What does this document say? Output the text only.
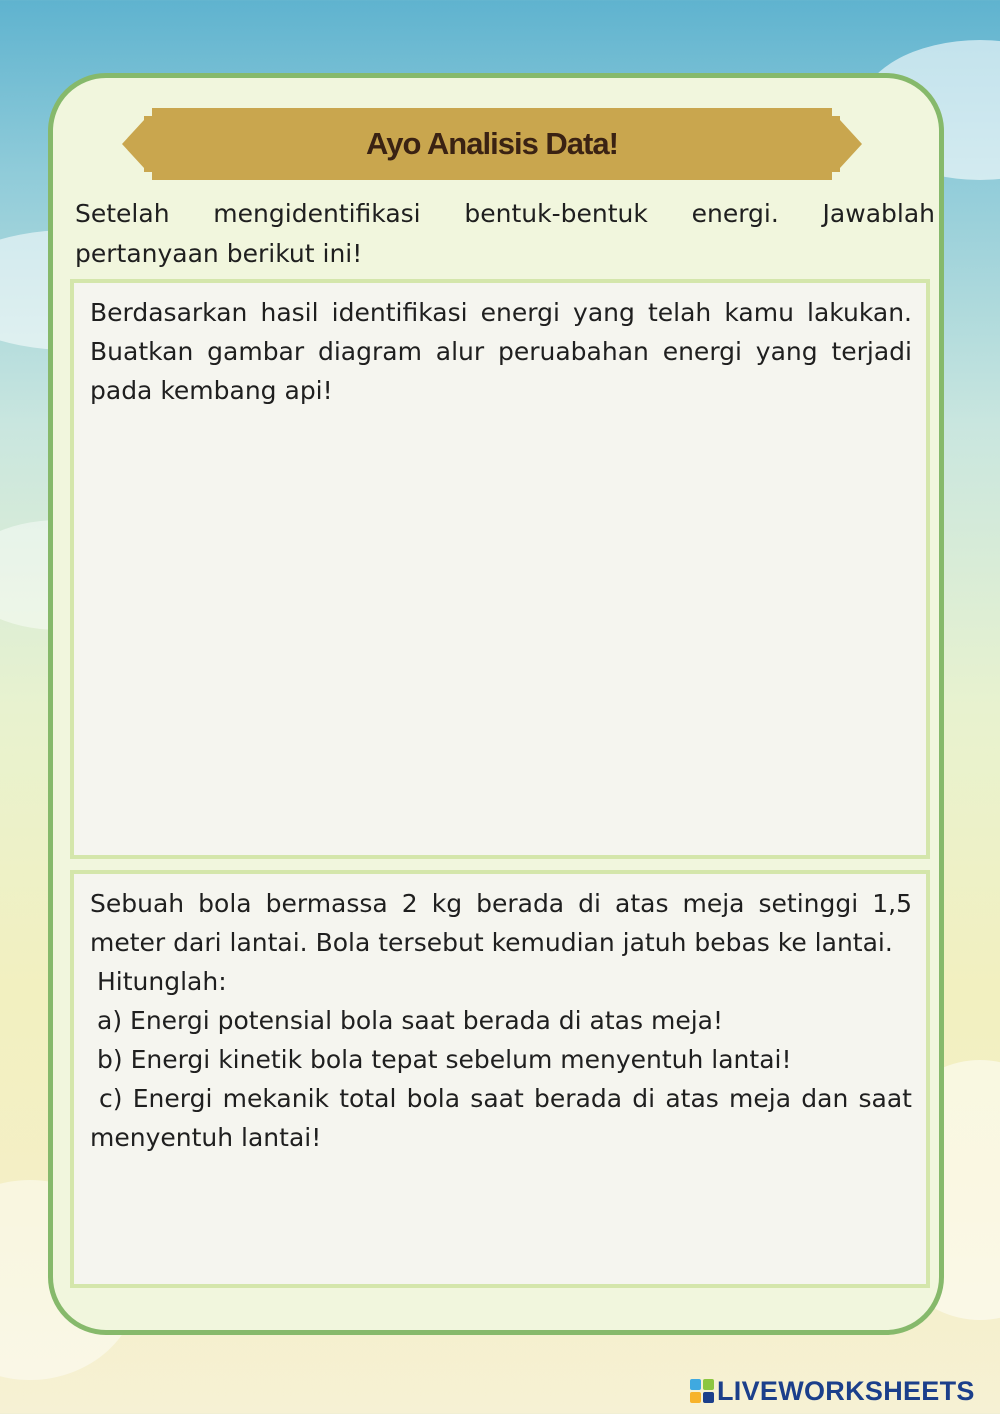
Ayo Analisis Data!
Setelah mengidentifikasi bentuk-bentuk energi. Jawablah pertanyaan berikut ini!

Berdasarkan hasil identifikasi energi yang telah kamu lakukan. Buatkan gambar diagram alur peruabahan energi yang terjadi pada kembang api!

Sebuah bola bermassa 2 kg berada di atas meja setinggi 1,5 meter dari lantai. Bola tersebut kemudian jatuh bebas ke lantai.

Hitunglah:

a) Energi potensial bola saat berada di atas meja!

b) Energi kinetik bola tepat sebelum menyentuh lantai!

c) Energi mekanik total bola saat berada di atas meja dan saat menyentuh lantai!

LIVEWORKSHEETS
